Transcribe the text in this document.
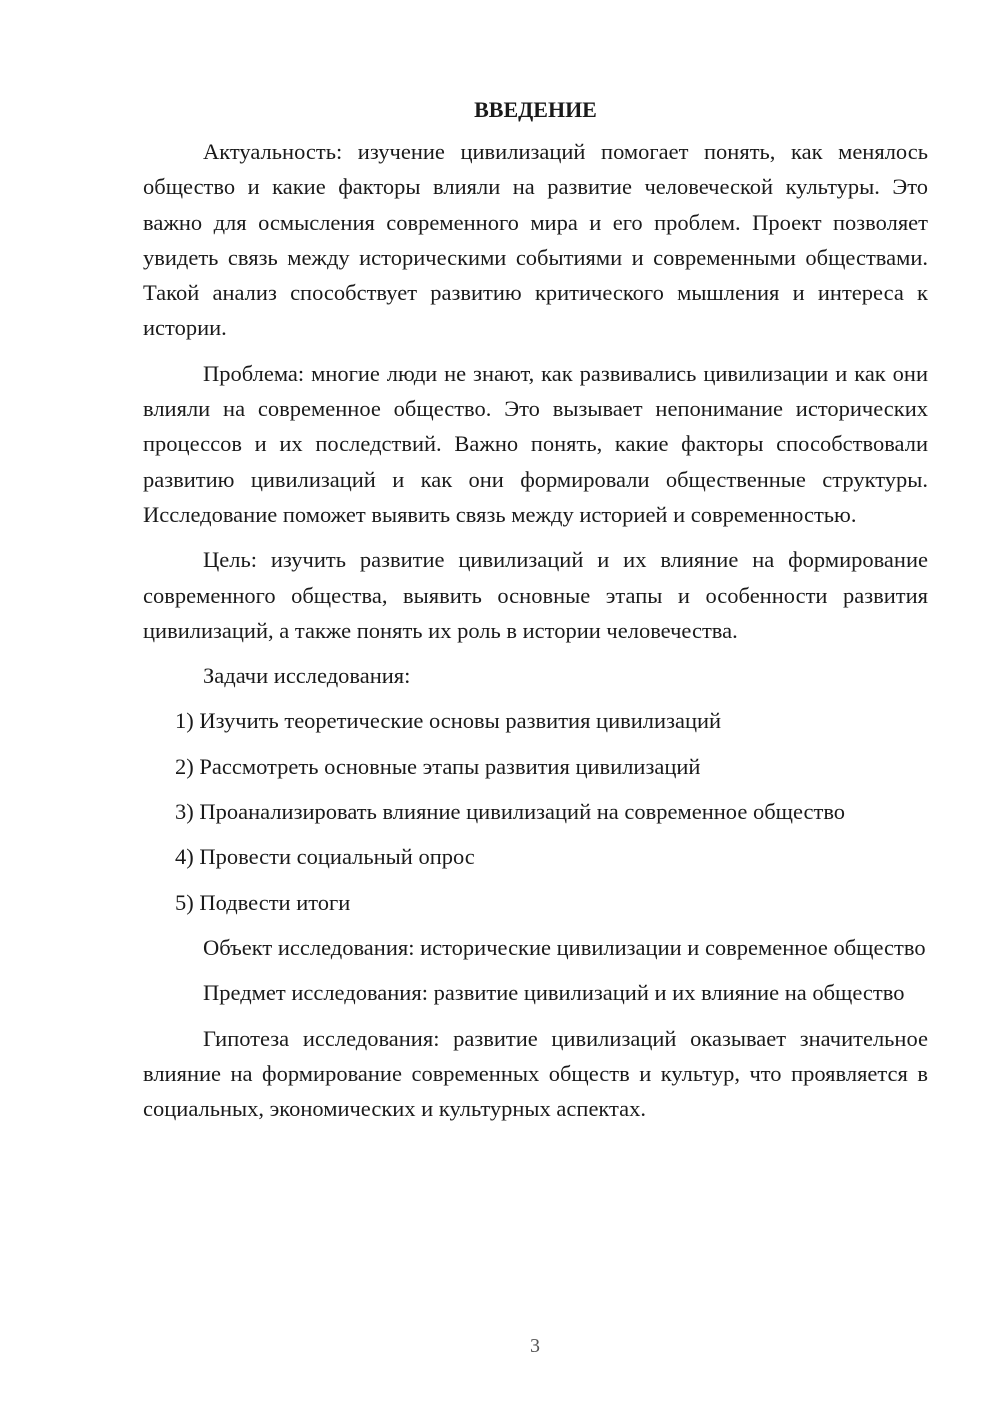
ВВЕДЕНИЕ

Актуальность: изучение цивилизаций помогает понять, как менялось общество и какие факторы влияли на развитие человеческой культуры. Это важно для осмысления современного мира и его проблем. Проект позволяет увидеть связь между историческими событиями и современными обществами. Такой анализ способствует развитию критического мышления и интереса к истории.

Проблема: многие люди не знают, как развивались цивилизации и как они влияли на современное общество. Это вызывает непонимание исторических процессов и их последствий. Важно понять, какие факторы способствовали развитию цивилизаций и как они формировали общественные структуры. Исследование поможет выявить связь между историей и современностью.

Цель: изучить развитие цивилизаций и их влияние на формирование современного общества, выявить основные этапы и особенности развития цивилизаций, а также понять их роль в истории человечества.

Задачи исследования:

1) Изучить теоретические основы развития цивилизаций
2) Рассмотреть основные этапы развития цивилизаций
3) Проанализировать влияние цивилизаций на современное общество
4) Провести социальный опрос
5) Подвести итоги

Объект исследования: исторические цивилизации и современное общество

Предмет исследования: развитие цивилизаций и их влияние на общество

Гипотеза исследования: развитие цивилизаций оказывает значительное влияние на формирование современных обществ и культур, что проявляется в социальных, экономических и культурных аспектах.

3
